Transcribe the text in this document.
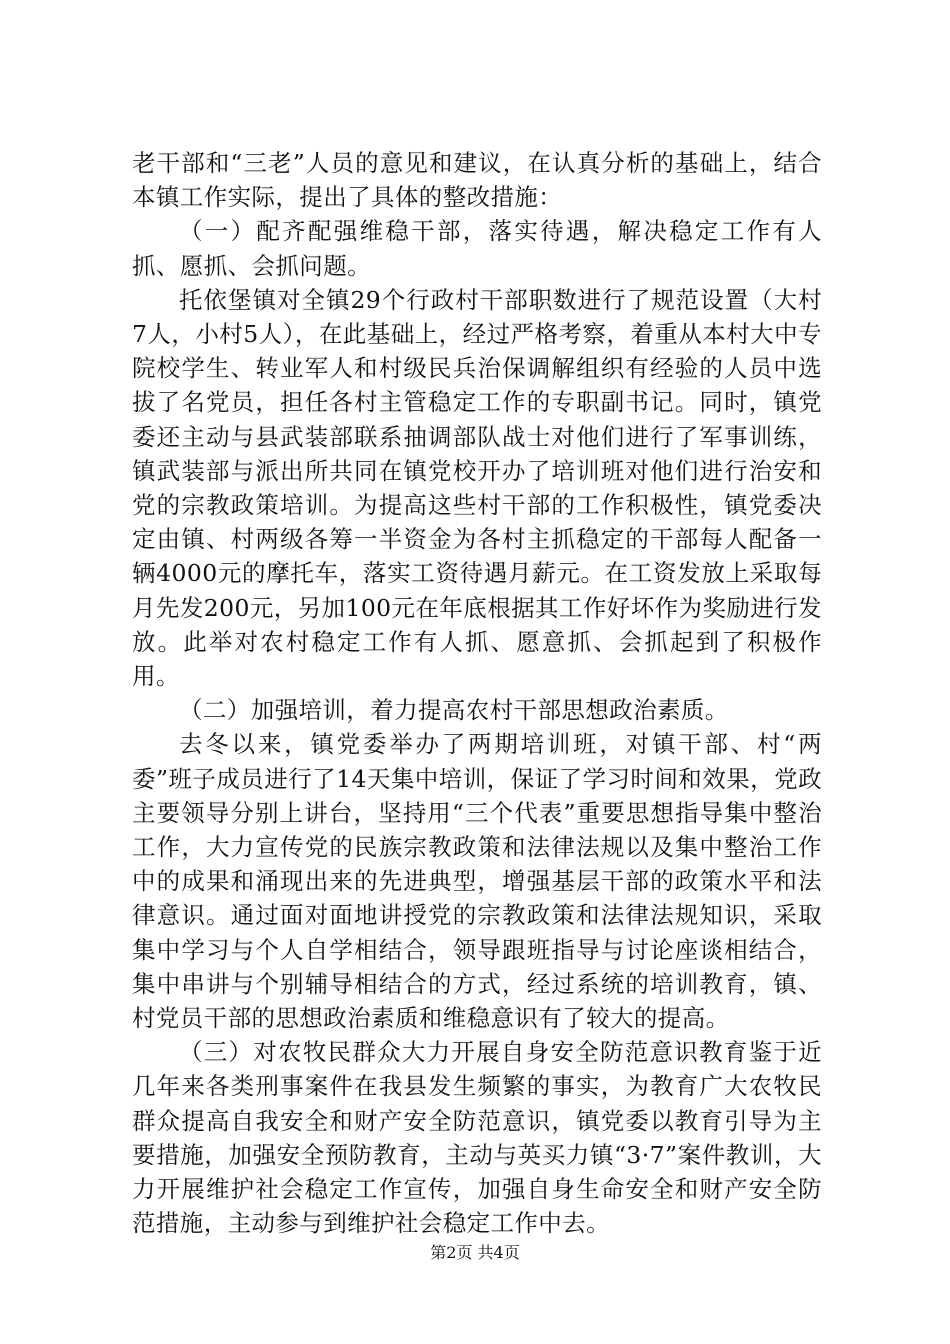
老干部和“三老”人员的意见和建议，在认真分析的基础上，结合本镇工作实际，提出了具体的整改措施：

（一）配齐配强维稳干部，落实待遇，解决稳定工作有人抓、愿抓、会抓问题。

托依堡镇对全镇29个行政村干部职数进行了规范设置（大村7人，小村5人），在此基础上，经过严格考察，着重从本村大中专院校学生、转业军人和村级民兵治保调解组织有经验的人员中选拔了名党员，担任各村主管稳定工作的专职副书记。同时，镇党委还主动与县武装部联系抽调部队战士对他们进行了军事训练，镇武装部与派出所共同在镇党校开办了培训班对他们进行治安和党的宗教政策培训。为提高这些村干部的工作积极性，镇党委决定由镇、村两级各筹一半资金为各村主抓稳定的干部每人配备一辆4000元的摩托车，落实工资待遇月薪元。在工资发放上采取每月先发200元，另加100元在年底根据其工作好坏作为奖励进行发放。此举对农村稳定工作有人抓、愿意抓、会抓起到了积极作用。

（二）加强培训，着力提高农村干部思想政治素质。

去冬以来，镇党委举办了两期培训班，对镇干部、村“两委”班子成员进行了14天集中培训，保证了学习时间和效果，党政主要领导分别上讲台，坚持用“三个代表”重要思想指导集中整治工作，大力宣传党的民族宗教政策和法律法规以及集中整治工作中的成果和涌现出来的先进典型，增强基层干部的政策水平和法律意识。通过面对面地讲授党的宗教政策和法律法规知识，采取集中学习与个人自学相结合，领导跟班指导与讨论座谈相结合，集中串讲与个别辅导相结合的方式，经过系统的培训教育，镇、村党员干部的思想政治素质和维稳意识有了较大的提高。

（三）对农牧民群众大力开展自身安全防范意识教育鉴于近几年来各类刑事案件在我县发生频繁的事实，为教育广大农牧民群众提高自我安全和财产安全防范意识，镇党委以教育引导为主要措施，加强安全预防教育，主动与英买力镇“3·7”案件教训，大力开展维护社会稳定工作宣传，加强自身生命安全和财产安全防范措施，主动参与到维护社会稳定工作中去。

第2页 共4页
